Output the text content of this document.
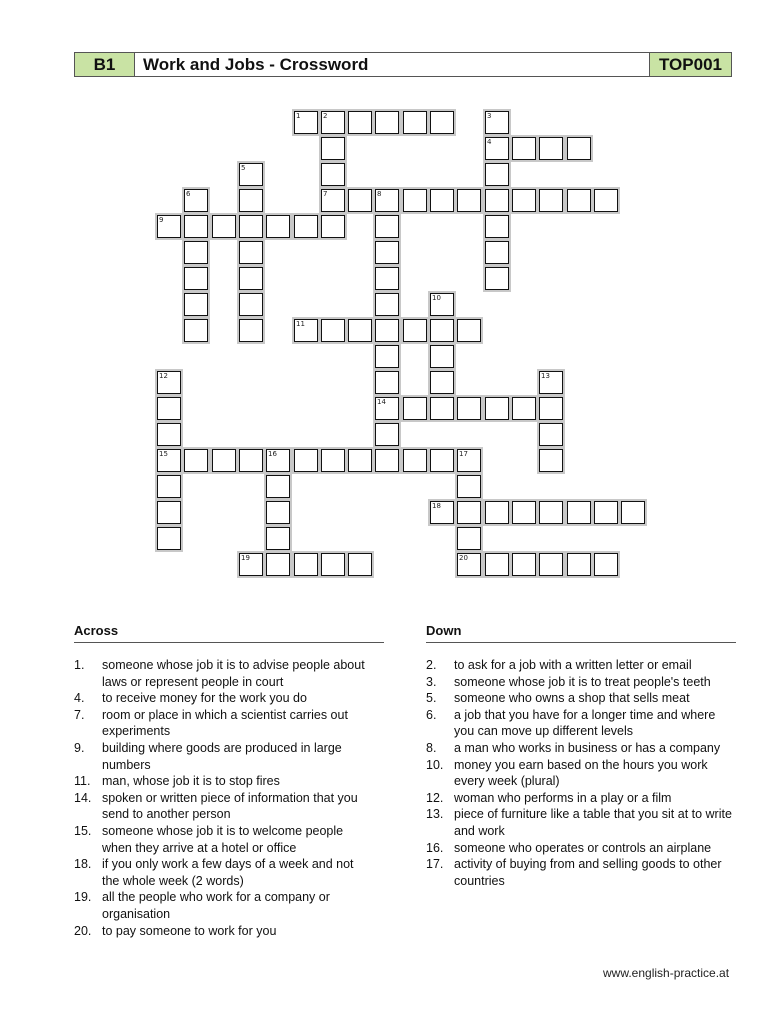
B1	Work and Jobs - Crossword	TOP001
1	2	3
4
5
6	7	8
14
9
10
11
12
15
13
16	17
20
18
19
Across
1.	someone whose job it is to advise people about laws or represent people in court
4.	to receive money for the work you do
7.	room or place in which a scientist carries out experiments
9.	building where goods are produced in large numbers
11. man, whose job it is to stop fires
14. spoken or written piece of information that you send to another person
15. someone whose job it is to welcome people when they arrive at a hotel or office
18. if you only work a few days of a week and not the whole week (2 words)
19. all the people who work for a company or organisation
20. to pay someone to work for you
Down
2.	to ask for a job with a written letter or email
3.	someone whose job it is to treat people's teeth
5.	someone who owns a shop that sells meat
6.	a job that you have for a longer time and where you can move up different levels
8.	a man who works in business or has a company
10. money you earn based on the hours you work every week (plural)
12. woman who performs in a play or a film
13. piece of furniture like a table that you sit at to write and work
16. someone who operates or controls an airplane
17. activity of buying from and selling goods to other countries
www.english-practice.at
